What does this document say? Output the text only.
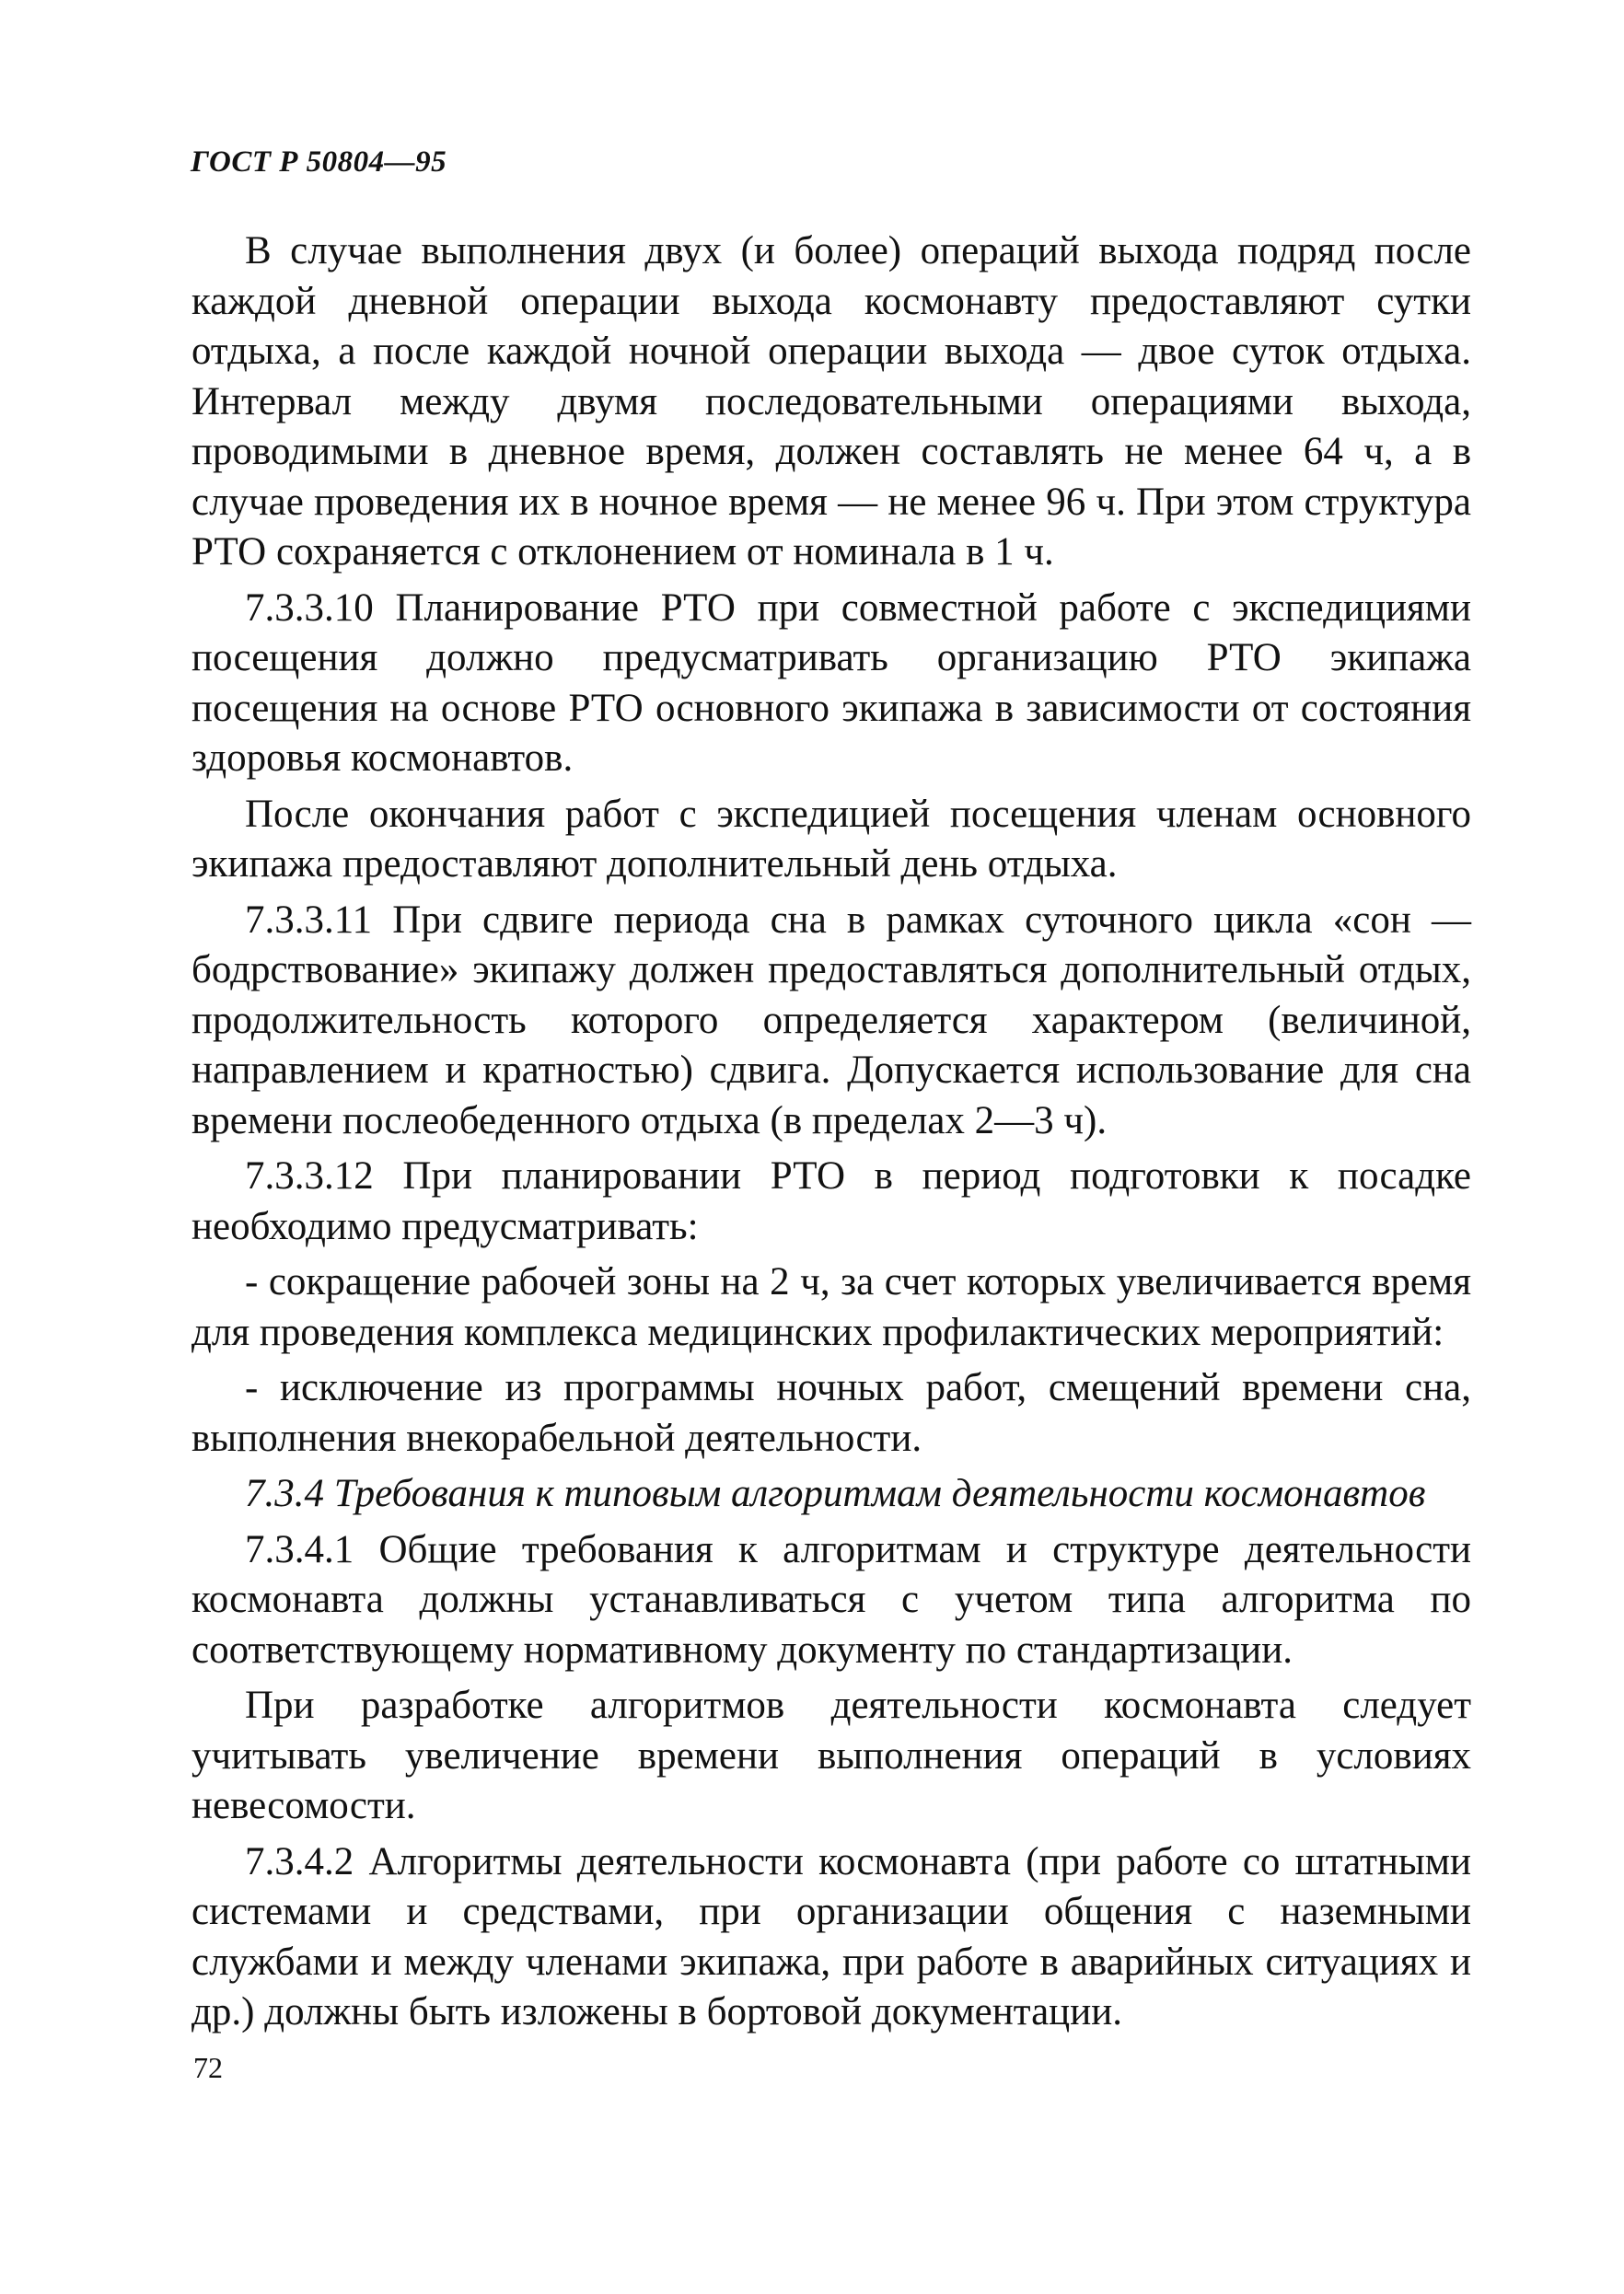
ГОСТ Р 50804—95

В случае выполнения двух (и более) операций выхода подряд после каждой дневной операции выхода космонавту предоставляют сутки отдыха, а после каждой ночной операции выхода — двое суток отдыха. Интервал между двумя последовательными операциями выхода, проводимыми в дневное время, должен составлять не менее 64 ч, а в случае проведения их в ночное время — не менее 96 ч. При этом структура РТО сохраняется с отклонением от номинала в 1 ч.

7.3.3.10 Планирование РТО при совместной работе с экспедициями посещения должно предусматривать организацию РТО экипажа посещения на основе РТО основного экипажа в зависимости от состояния здоровья космонавтов.

После окончания работ с экспедицией посещения членам основного экипажа предоставляют дополнительный день отдыха.

7.3.3.11 При сдвиге периода сна в рамках суточного цикла «сон — бодрствование» экипажу должен предоставляться дополнительный отдых, продолжительность которого определяется характером (величиной, направлением и кратностью) сдвига. Допускается использование для сна времени послеобеденного отдыха (в пределах 2—3 ч).

7.3.3.12 При планировании РТО в период подготовки к посадке необходимо предусматривать:

- сокращение рабочей зоны на 2 ч, за счет которых увеличивается время для проведения комплекса медицинских профилактических мероприятий:

- исключение из программы ночных работ, смещений времени сна, выполнения внекорабельной деятельности.

7.3.4 Требования к типовым алгоритмам деятельности космонавтов

7.3.4.1 Общие требования к алгоритмам и структуре деятельности космонавта должны устанавливаться с учетом типа алгоритма по соответствующему нормативному документу по стандартизации.

При разработке алгоритмов деятельности космонавта следует учитывать увеличение времени выполнения операций в условиях невесомости.

7.3.4.2 Алгоритмы деятельности космонавта (при работе со штатными системами и средствами, при организации общения с наземными службами и между членами экипажа, при работе в аварийных ситуациях и др.) должны быть изложены в бортовой документации.

72
